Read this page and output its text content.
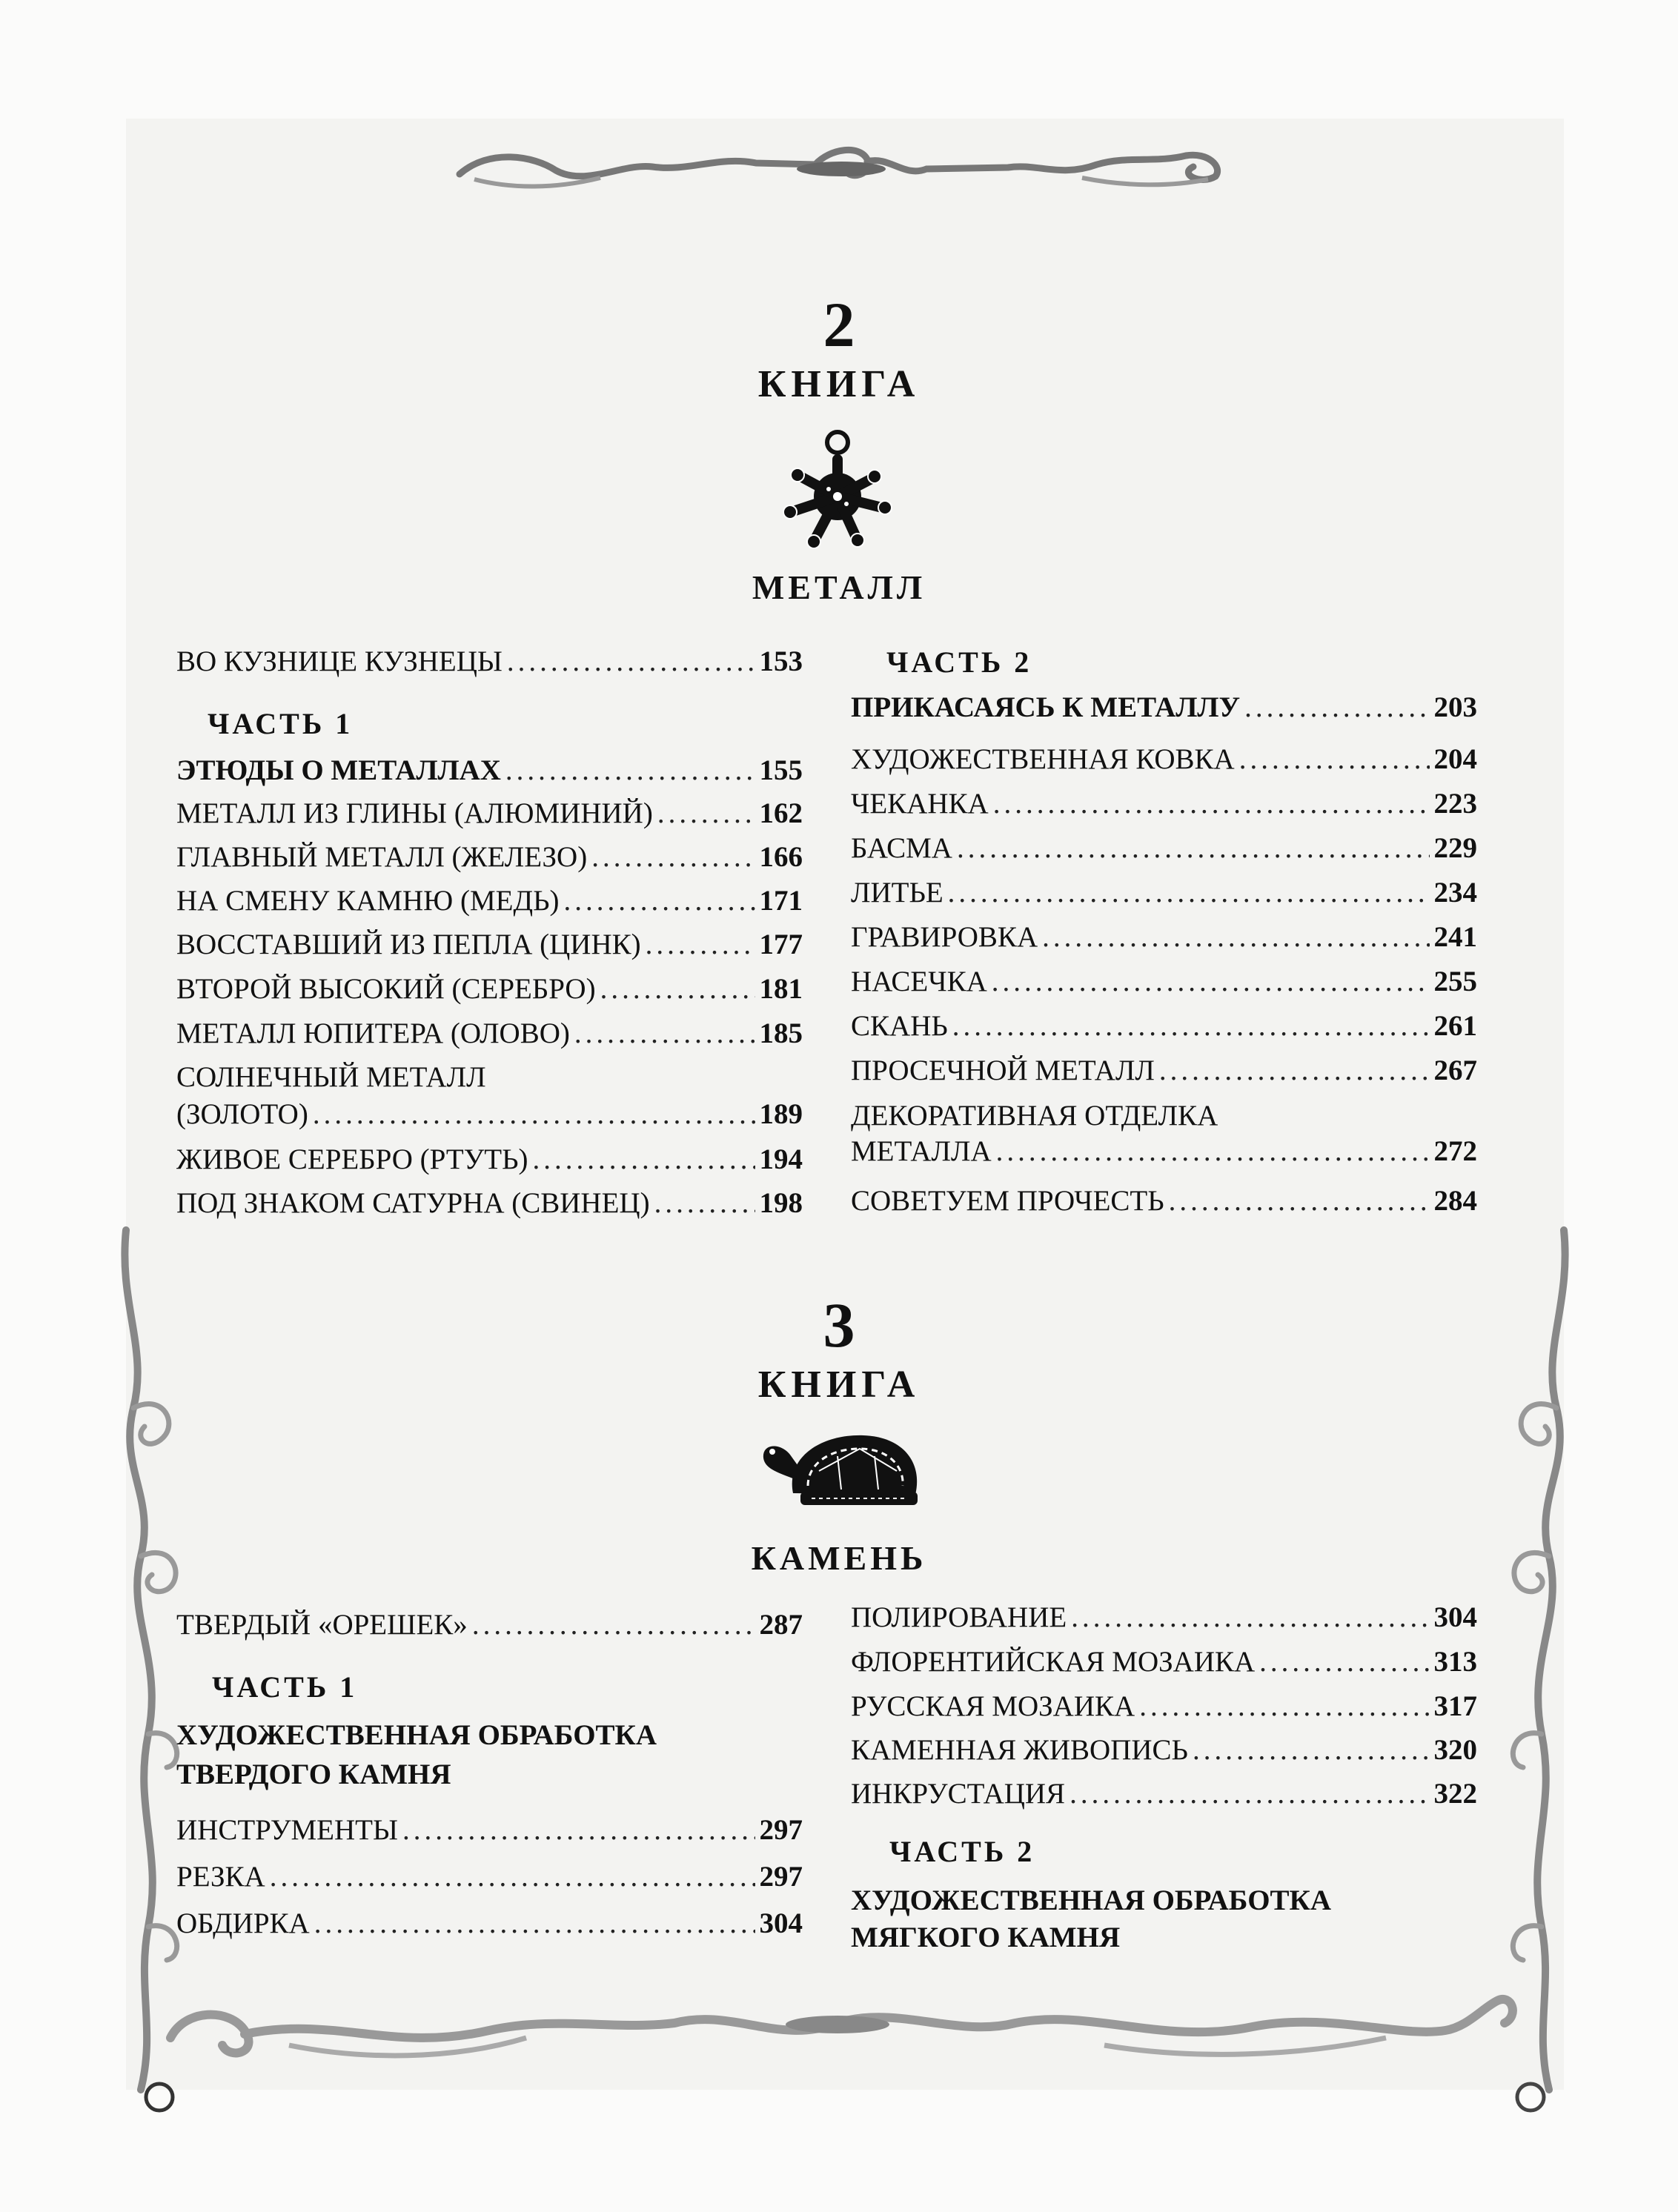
2
КНИГА
МЕТАЛЛ
ВО КУЗНИЦЕ КУЗНЕЦЫ .....	153
ЧАСТЬ 1
ЭТЮДЫ О МЕТАЛЛАХ .....	155
МЕТАЛЛ ИЗ ГЛИНЫ (АЛЮМИНИЙ) .....	162
ГЛАВНЫЙ МЕТАЛЛ (ЖЕЛЕЗО) .....	166
НА СМЕНУ КАМНЮ (МЕДЬ) .....	171
ВОССТАВШИЙ ИЗ ПЕПЛА (ЦИНК) .....	177
ВТОРОЙ ВЫСОКИЙ (СЕРЕБРО) .....	181
МЕТАЛЛ ЮПИТЕРА (ОЛОВО) .....	185
СОЛНЕЧНЫЙ МЕТАЛЛ
(ЗОЛОТО) .....	189
ЖИВОЕ СЕРЕБРО (РТУТЬ) .....	194
ПОД ЗНАКОМ САТУРНА (СВИНЕЦ) .....	198
ЧАСТЬ 2
ПРИКАСАЯСЬ К МЕТАЛЛУ .....	203
ХУДОЖЕСТВЕННАЯ КОВКА .....	204
ЧЕКАНКА .....	223
БАСМА .....	229
ЛИТЬЕ .....	234
ГРАВИРОВКА .....	241
НАСЕЧКА .....	255
СКАНЬ .....	261
ПРОСЕЧНОЙ МЕТАЛЛ .....	267
ДЕКОРАТИВНАЯ ОТДЕЛКА
МЕТАЛЛА .....	272
СОВЕТУЕМ ПРОЧЕСТЬ .....	284
3
КНИГА
КАМЕНЬ
ТВЕРДЫЙ «ОРЕШЕК» .....	287
ЧАСТЬ 1
ХУДОЖЕСТВЕННАЯ ОБРАБОТКА
ТВЕРДОГО КАМНЯ
ИНСТРУМЕНТЫ .....	297
РЕЗКА .....	297
ОБДИРКА .....	304
ПОЛИРОВАНИЕ .....	304
ФЛОРЕНТИЙСКАЯ МОЗАИКА .....	313
РУССКАЯ МОЗАИКА .....	317
КАМЕННАЯ ЖИВОПИСЬ .....	320
ИНКРУСТАЦИЯ .....	322
ЧАСТЬ 2
ХУДОЖЕСТВЕННАЯ ОБРАБОТКА
МЯГКОГО КАМНЯ
